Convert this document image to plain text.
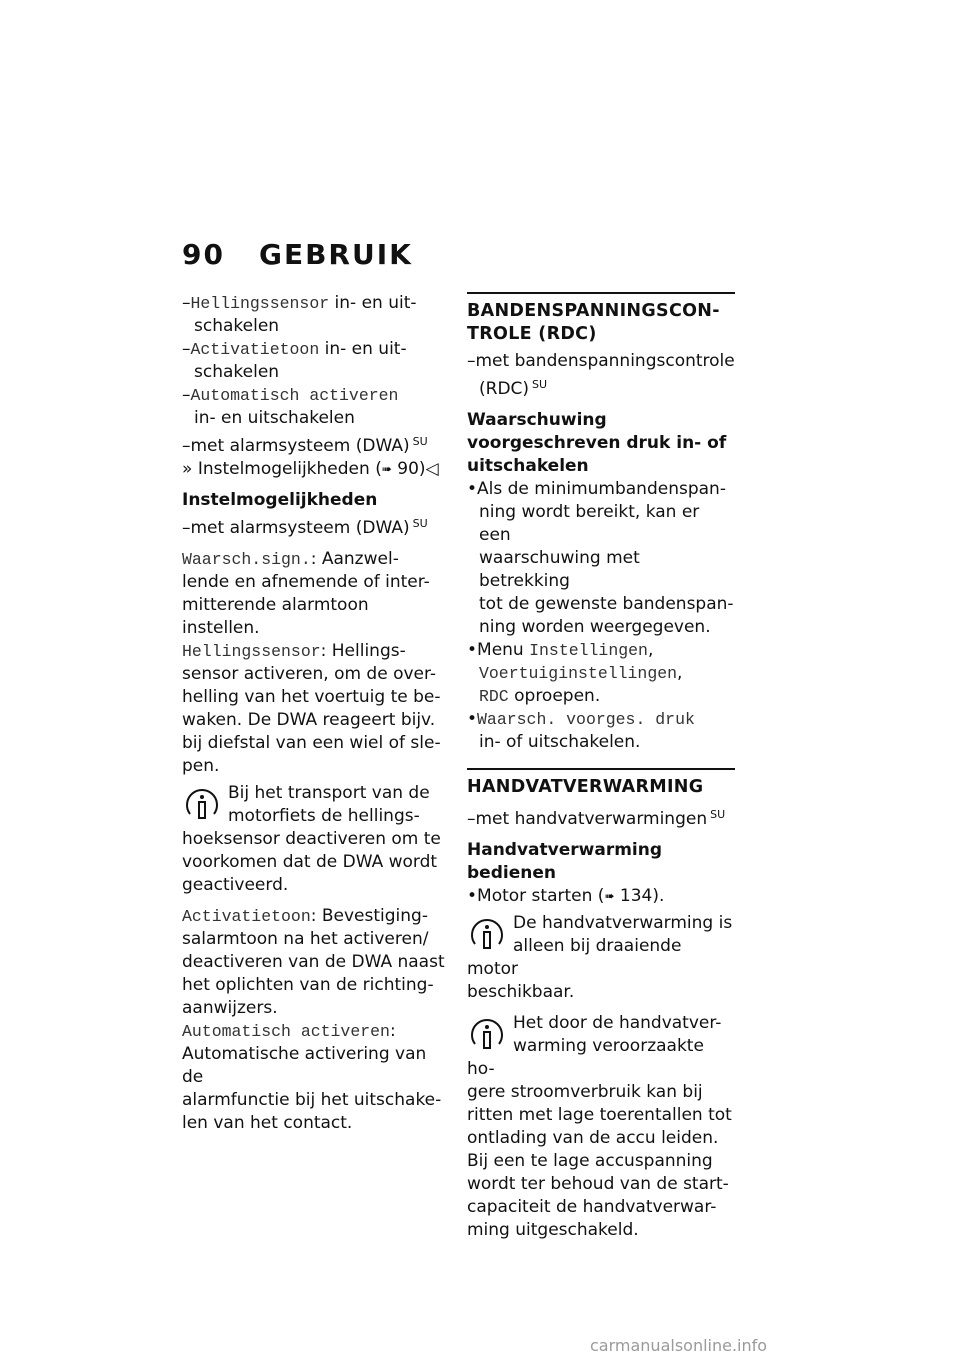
90 GEBRUIK
–Hellingssensor in- en uit-
schakelen
–Activatietoon in- en uit-
schakelen
–Automatisch activeren
in- en uitschakelen
–met alarmsysteem (DWA) $^{SU}$
» Instelmogelijkheden (➠ 90)◁
Instelmogelijkheden
–met alarmsysteem (DWA) $^{SU}$
Waarsch.sign.: Aanzwel-
lende en afnemende of inter-
mitterende alarmtoon instellen.
Hellingssensor: Hellings-
sensor activeren, om de over-
helling van het voertuig te be-
waken. De DWA reageert bijv.
bij diefstal van een wiel of sle-
pen.
Bij het transport van de
motorfiets de hellings-
hoeksensor deactiveren om te
voorkomen dat de DWA wordt
geactiveerd.
Activatietoon: Bevestiging-
salarmtoon na het activeren/
deactiveren van de DWA naast
het oplichten van de richting-
aanwijzers.
Automatisch activeren:
Automatische activering van de
alarmfunctie bij het uitschake-
len van het contact.
BANDENSPANNINGSCON-
TROLE (RDC)
–met bandenspanningscontrole
(RDC) $^{SU}$
Waarschuwing
voorgeschreven druk in- of
uitschakelen
•Als de minimumbandenspan-
ning wordt bereikt, kan er een
waarschuwing met betrekking
tot de gewenste bandenspan-
ning worden weergegeven.
•Menu Instellingen,
Voertuiginstellingen,
RDC oproepen.
•Waarsch. voorges. druk
in- of uitschakelen.
HANDVATVERWARMING
–met handvatverwarmingen $^{SU}$
Handvatverwarming bedienen
•Motor starten (➠ 134).
De handvatverwarming is
alleen bij draaiende motor
beschikbaar.
Het door de handvatver-
warming veroorzaakte ho-
gere stroomverbruik kan bij
ritten met lage toerentallen tot
ontlading van de accu leiden.
Bij een te lage accuspanning
wordt ter behoud van de start-
capaciteit de handvatverwar-
ming uitgeschakeld.
carmanualsonline.info
